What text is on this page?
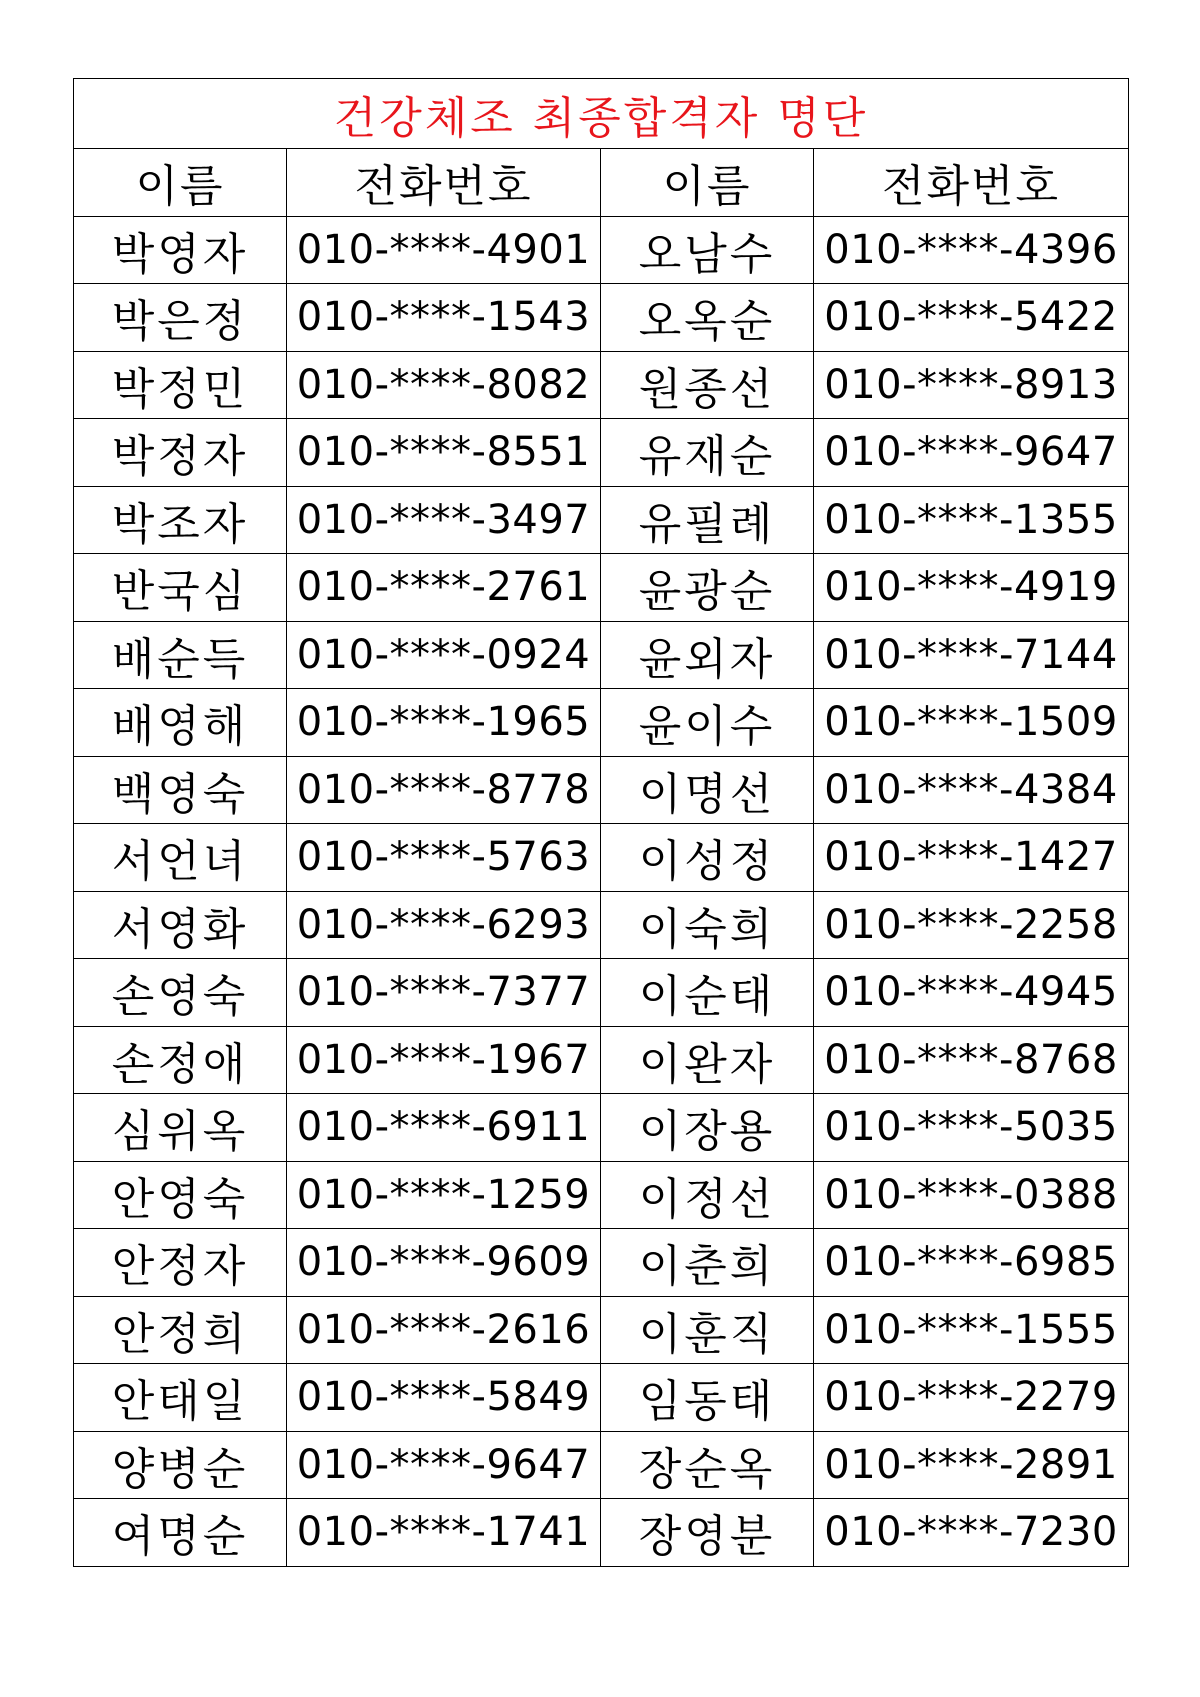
건강체조 최종합격자 명단			
이름	전화번호	이름	전화번호
박영자	010-****-4901	오남수	010-****-4396
박은정	010-****-1543	오옥순	010-****-5422
박정민	010-****-8082	원종선	010-****-8913
박정자	010-****-8551	유재순	010-****-9647
박조자	010-****-3497	유필례	010-****-1355
반국심	010-****-2761	윤광순	010-****-4919
배순득	010-****-0924	윤외자	010-****-7144
배영해	010-****-1965	윤이수	010-****-1509
백영숙	010-****-8778	이명선	010-****-4384
서언녀	010-****-5763	이성정	010-****-1427
서영화	010-****-6293	이숙희	010-****-2258
손영숙	010-****-7377	이순태	010-****-4945
손정애	010-****-1967	이완자	010-****-8768
심위옥	010-****-6911	이장용	010-****-5035
안영숙	010-****-1259	이정선	010-****-0388
안정자	010-****-9609	이춘희	010-****-6985
안정희	010-****-2616	이훈직	010-****-1555
안태일	010-****-5849	임동태	010-****-2279
양병순	010-****-9647	장순옥	010-****-2891
여명순	010-****-1741	장영분	010-****-7230
